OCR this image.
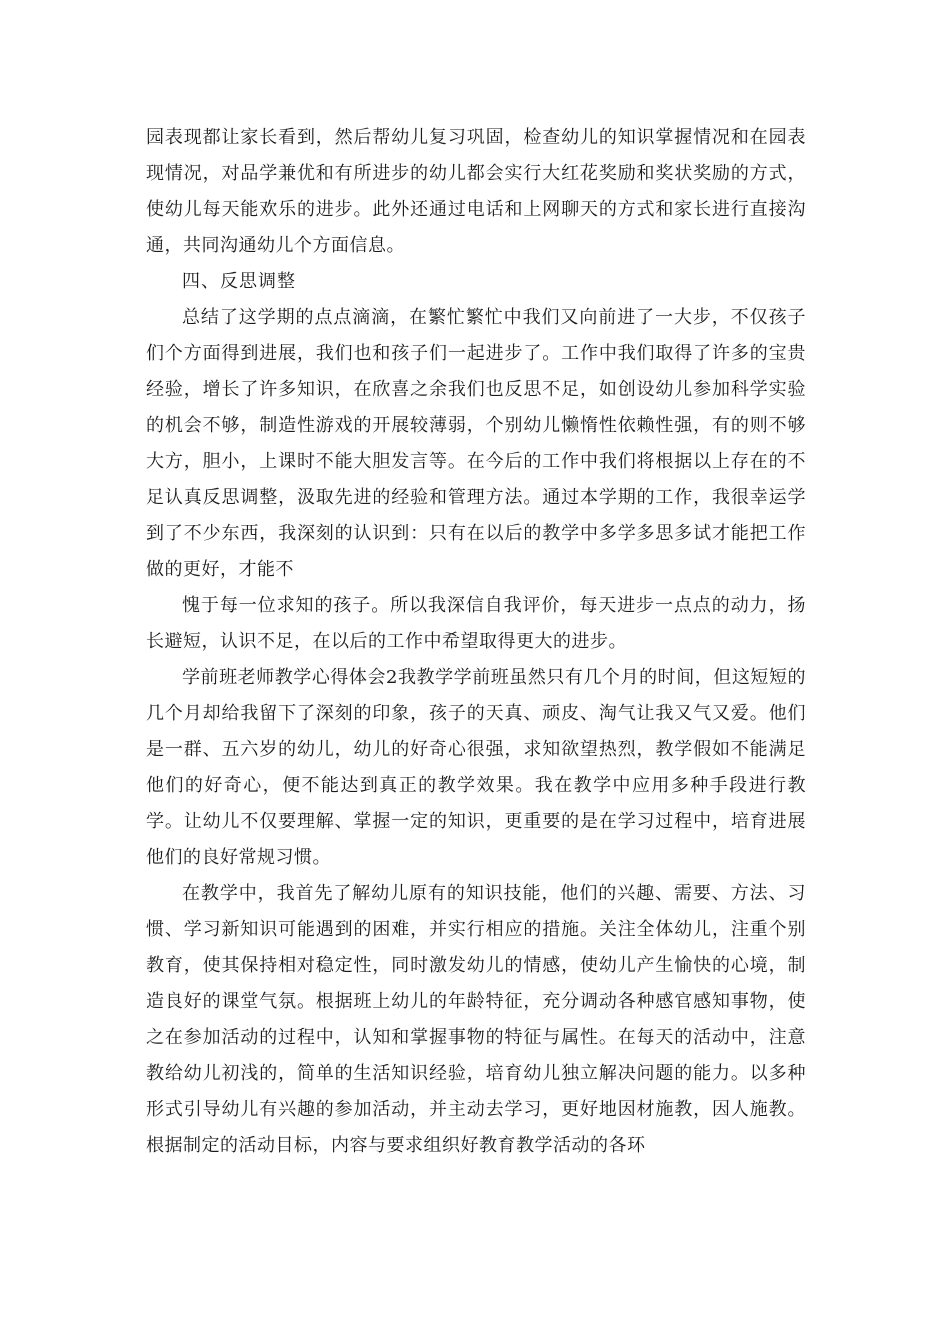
园表现都让家长看到，然后帮幼儿复习巩固，检查幼儿的知识掌握情况和在园表现情况，对品学兼优和有所进步的幼儿都会实行大红花奖励和奖状奖励的方式，使幼儿每天能欢乐的进步。此外还通过电话和上网聊天的方式和家长进行直接沟通，共同沟通幼儿个方面信息。

四、反思调整

总结了这学期的点点滴滴，在繁忙繁忙中我们又向前进了一大步，不仅孩子们个方面得到进展，我们也和孩子们一起进步了。工作中我们取得了许多的宝贵经验，增长了许多知识，在欣喜之余我们也反思不足，如创设幼儿参加科学实验的机会不够，制造性游戏的开展较薄弱，个别幼儿懒惰性依赖性强，有的则不够大方，胆小，上课时不能大胆发言等。在今后的工作中我们将根据以上存在的不足认真反思调整，汲取先进的经验和管理方法。通过本学期的工作，我很幸运学到了不少东西，我深刻的认识到：只有在以后的教学中多学多思多试才能把工作做的更好，才能不

愧于每一位求知的孩子。所以我深信自我评价，每天进步一点点的动力，扬长避短，认识不足，在以后的工作中希望取得更大的进步。

学前班老师教学心得体会2我教学学前班虽然只有几个月的时间，但这短短的几个月却给我留下了深刻的印象，孩子的天真、顽皮、淘气让我又气又爱。他们是一群、五六岁的幼儿，幼儿的好奇心很强，求知欲望热烈，教学假如不能满足他们的好奇心，便不能达到真正的教学效果。我在教学中应用多种手段进行教学。让幼儿不仅要理解、掌握一定的知识，更重要的是在学习过程中，培育进展他们的良好常规习惯。

在教学中，我首先了解幼儿原有的知识技能，他们的兴趣、需要、方法、习惯、学习新知识可能遇到的困难，并实行相应的措施。关注全体幼儿，注重个别教育，使其保持相对稳定性，同时激发幼儿的情感，使幼儿产生愉快的心境，制造良好的课堂气氛。根据班上幼儿的年龄特征，充分调动各种感官感知事物，使之在参加活动的过程中，认知和掌握事物的特征与属性。在每天的活动中，注意教给幼儿初浅的，简单的生活知识经验，培育幼儿独立解决问题的能力。以多种形式引导幼儿有兴趣的参加活动，并主动去学习，更好地因材施教，因人施教。根据制定的活动目标，内容与要求组织好教育教学活动的各环
